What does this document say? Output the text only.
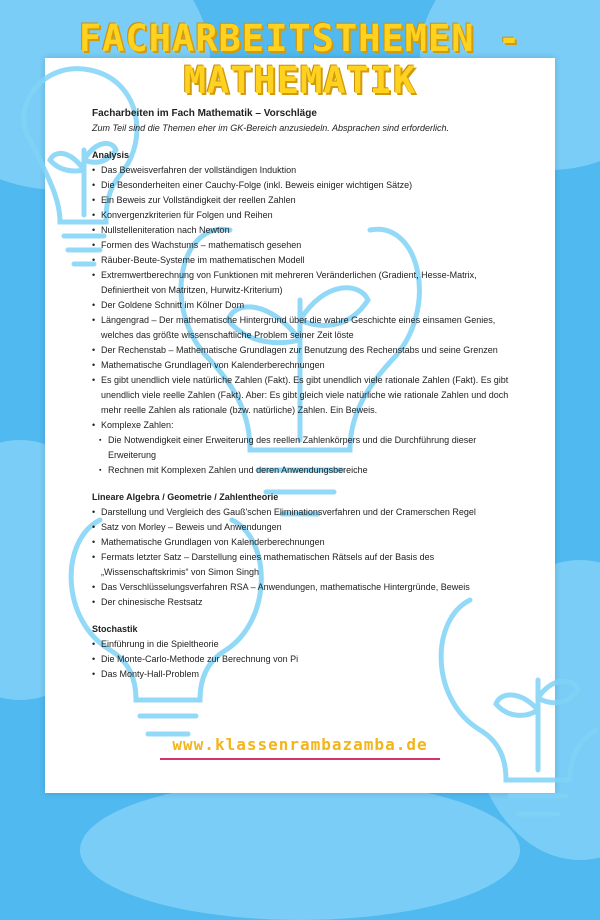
FACHARBEITSTHEMEN -
MATHEMATIK

Facharbeiten im Fach Mathematik – Vorschläge

Zum Teil sind die Themen eher im GK-Bereich anzusiedeln. Absprachen sind erforderlich.

Analysis

• Das Beweisverfahren der vollständigen Induktion
• Die Besonderheiten einer Cauchy-Folge (inkl. Beweis einiger wichtigen Sätze)
• Ein Beweis zur Vollständigkeit der reellen Zahlen
• Konvergenzkriterien für Folgen und Reihen
• Nullstelleniteration nach Newton
• Formen des Wachstums – mathematisch gesehen
• Räuber-Beute-Systeme im mathematischen Modell
• Extremwertberechnung von Funktionen mit mehreren Veränderlichen (Gradient, Hesse-Matrix, Definiertheit von Matritzen, Hurwitz-Kriterium)
• Der Goldene Schnitt im Kölner Dom
• Längengrad – Der mathematische Hintergrund über die wahre Geschichte eines einsamen Genies, welches das größte wissenschaftliche Problem seiner Zeit löste
• Der Rechenstab – Mathematische Grundlagen zur Benutzung des Rechenstabs und seine Grenzen
• Mathematische Grundlagen von Kalenderberechnungen
• Es gibt unendlich viele natürliche Zahlen (Fakt). Es gibt unendlich viele rationale Zahlen (Fakt). Es gibt unendlich viele reelle Zahlen (Fakt). Aber: Es gibt gleich viele natürliche wie rationale Zahlen und doch mehr reelle Zahlen als rationale (bzw. natürliche) Zahlen. Ein Beweis.
• Komplexe Zahlen:
▪ Die Notwendigkeit einer Erweiterung des reellen Zahlenkörpers und die Durchführung dieser Erweiterung
▪ Rechnen mit Komplexen Zahlen und deren Anwendungsbereiche

Lineare Algebra / Geometrie / Zahlentheorie

• Darstellung und Vergleich des Gauß'schen Eliminationsverfahren und der Cramerschen Regel
• Satz von Morley – Beweis und Anwendungen
• Mathematische Grundlagen von Kalenderberechnungen
• Fermats letzter Satz – Darstellung eines mathematischen Rätsels auf der Basis des „Wissenschaftskrimis“ von Simon Singh
• Das Verschlüsselungsverfahren RSA – Anwendungen, mathematische Hintergründe, Beweis
• Der chinesische Restsatz

Stochastik

• Einführung in die Spieltheorie
• Die Monte-Carlo-Methode zur Berechnung von Pi
• Das Monty-Hall-Problem
www.klassenrambazamba.de
